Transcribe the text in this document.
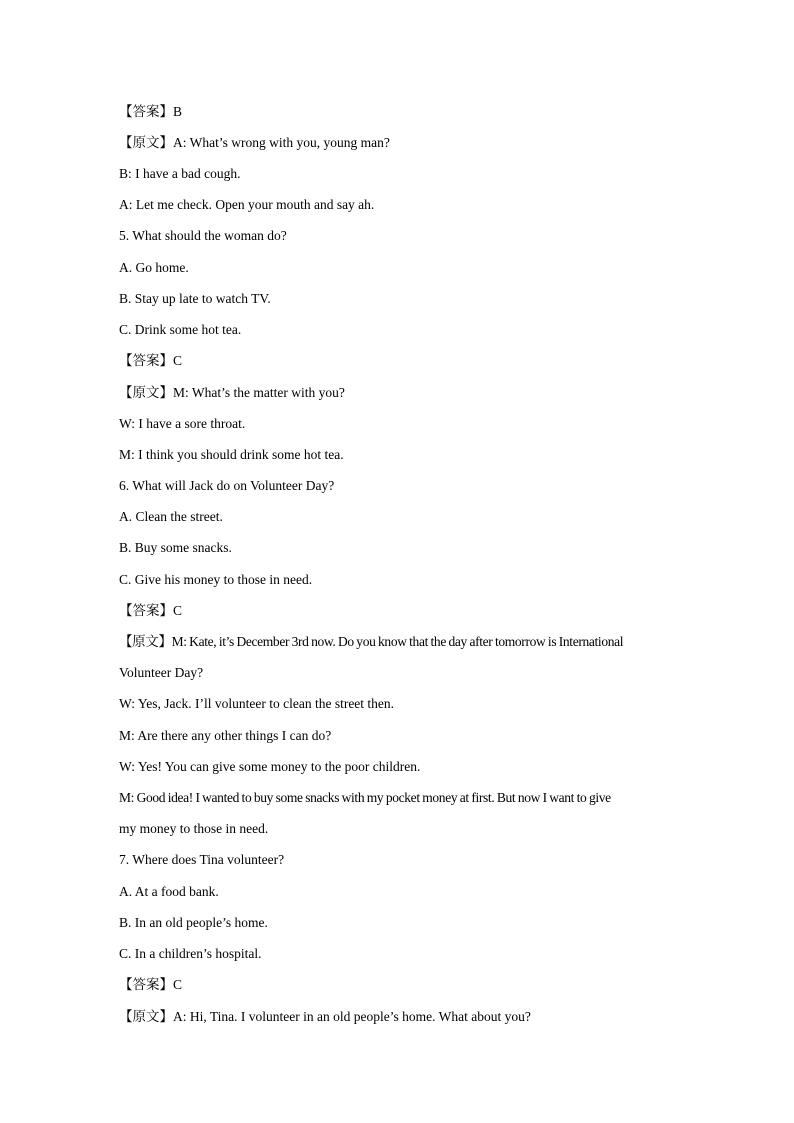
【答案】B
【原文】A: What’s wrong with you, young man?
B: I have a bad cough.
A: Let me check. Open your mouth and say ah.
5. What should the woman do?
A. Go home.
B. Stay up late to watch TV.
C. Drink some hot tea.
【答案】C
【原文】M: What’s the matter with you?
W: I have a sore throat.
M: I think you should drink some hot tea.
6. What will Jack do on Volunteer Day?
A. Clean the street.
B. Buy some snacks.
C. Give his money to those in need.
【答案】C
【原文】M: Kate, it’s December 3rd now. Do you know that the day after tomorrow is International
Volunteer Day?
W: Yes, Jack. I’ll volunteer to clean the street then.
M: Are there any other things I can do?
W: Yes! You can give some money to the poor children.
M: Good idea! I wanted to buy some snacks with my pocket money at first. But now I want to give
my money to those in need.
7. Where does Tina volunteer?
A. At a food bank.
B. In an old people’s home.
C. In a children’s hospital.
【答案】C
【原文】A: Hi, Tina. I volunteer in an old people’s home. What about you?
